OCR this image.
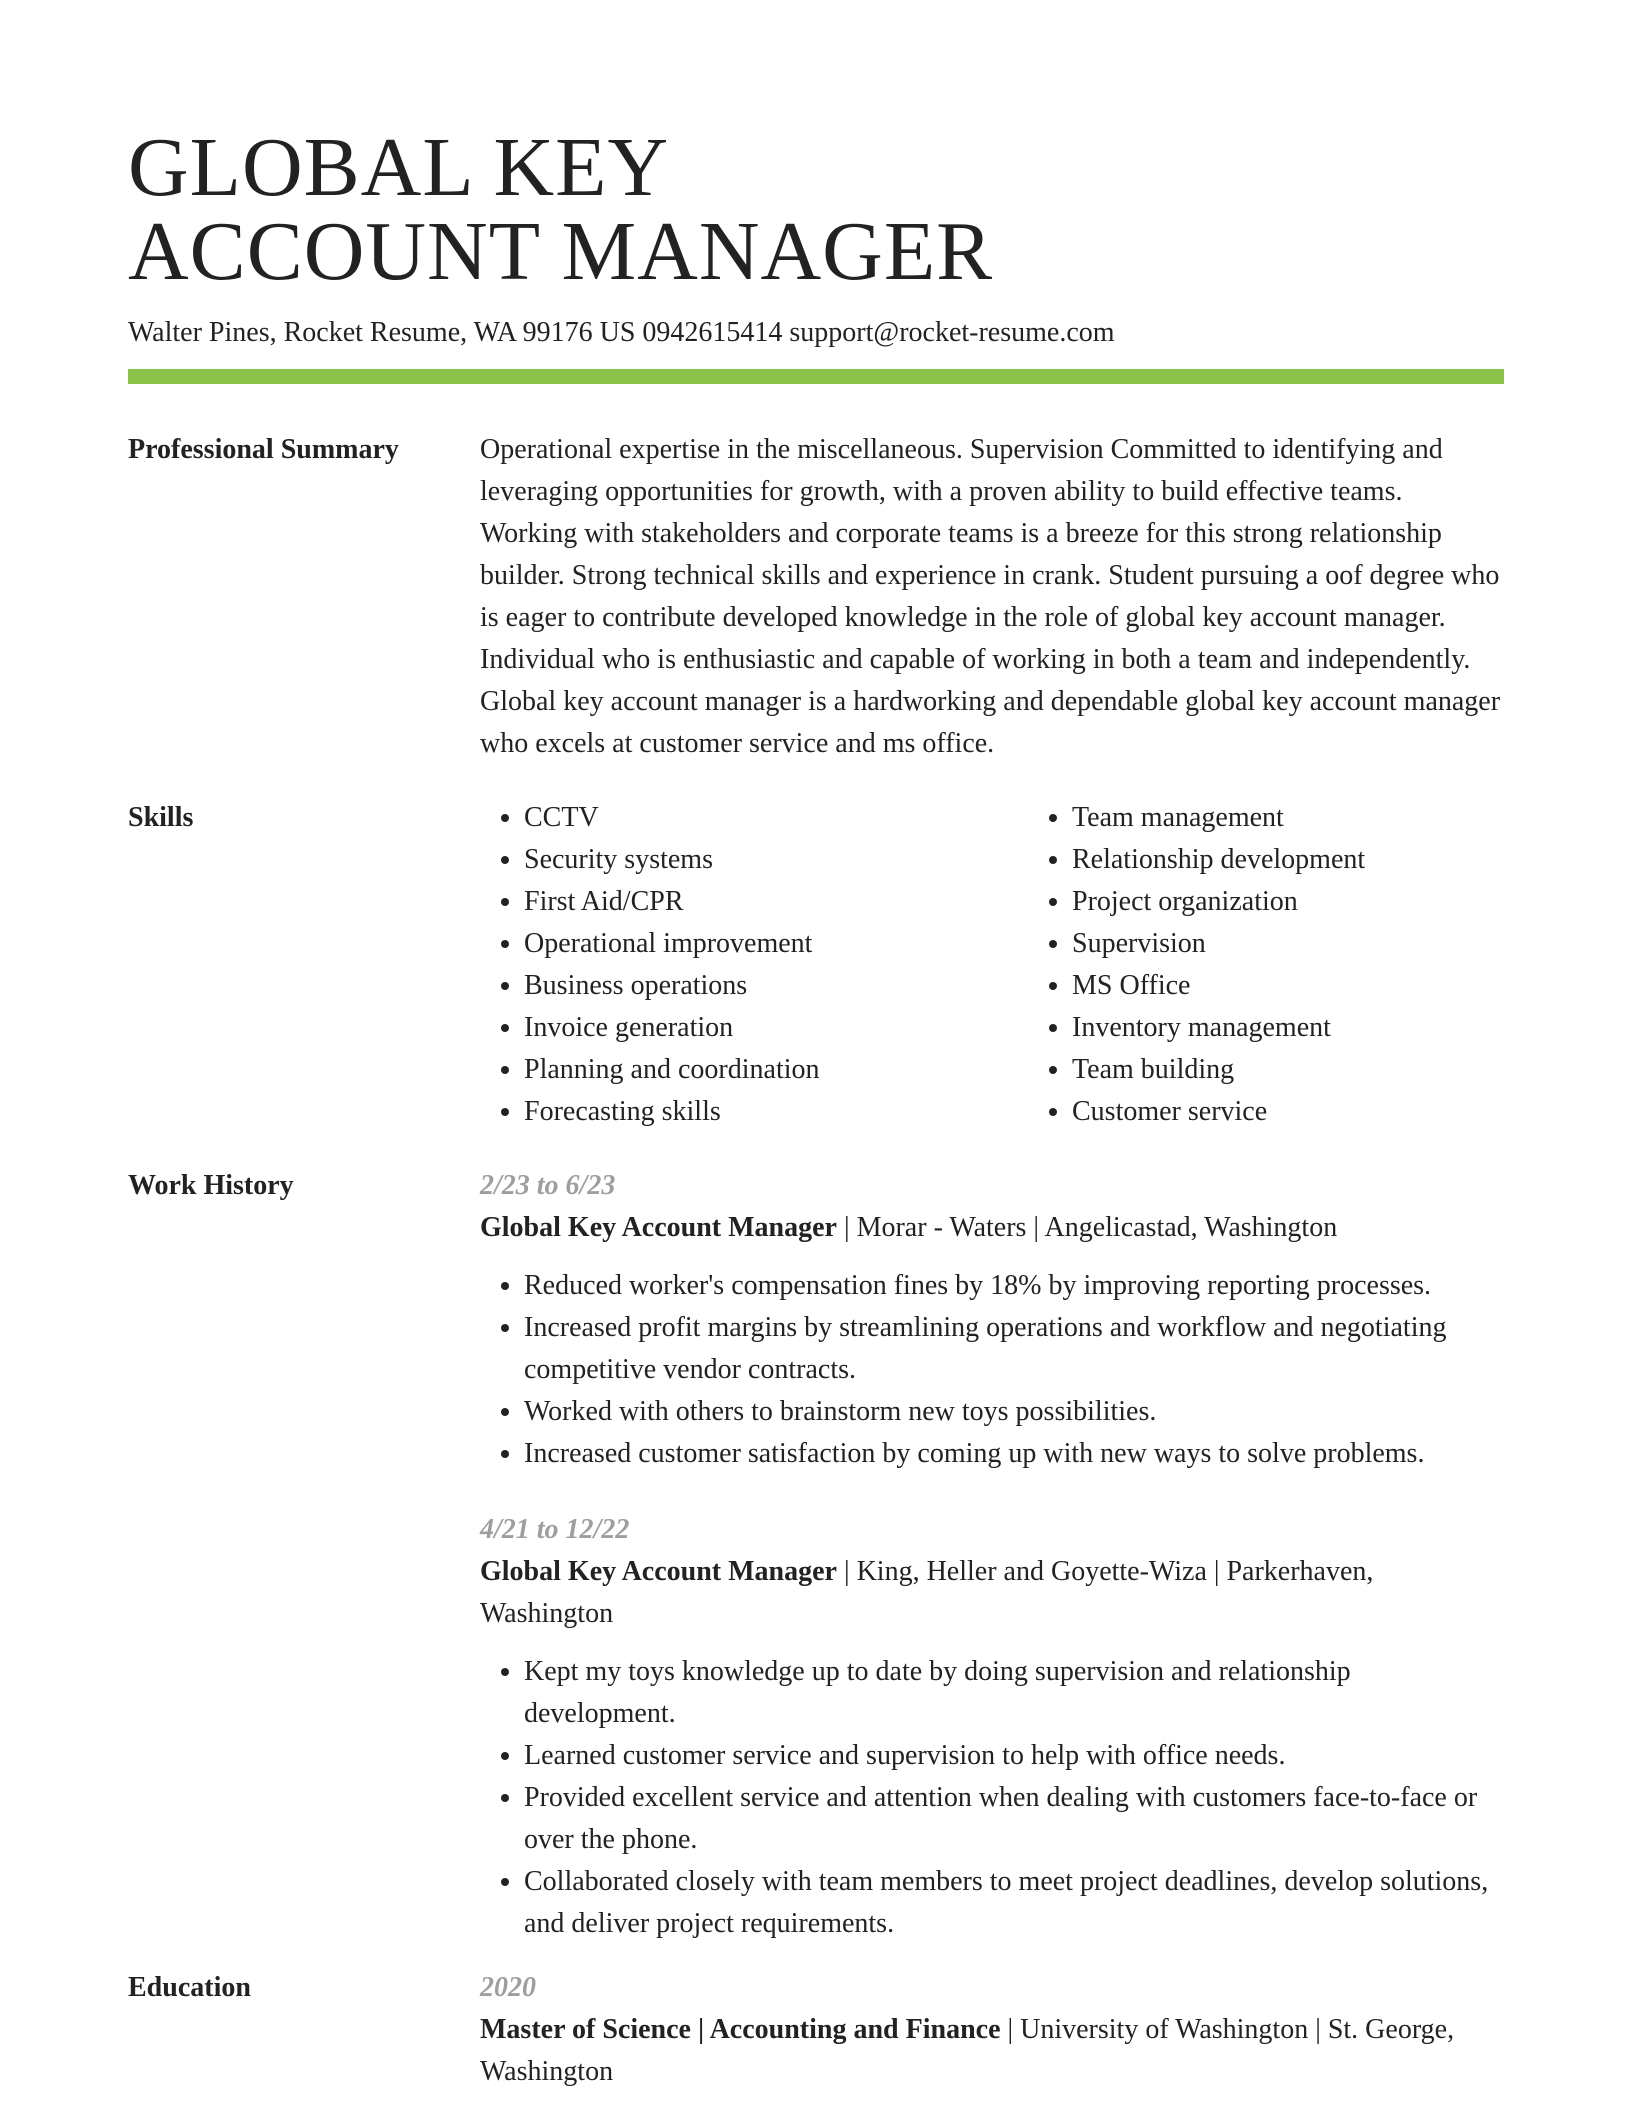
GLOBAL KEY
ACCOUNT MANAGER
Walter Pines, Rocket Resume, WA 99176 US 0942615414 support@rocket-resume.com
Professional Summary	Operational expertise in the miscellaneous. Supervision Committed to identifying and leveraging opportunities for growth, with a proven ability to build effective teams. Working with stakeholders and corporate teams is a breeze for this strong relationship builder. Strong technical skills and experience in crank. Student pursuing a oof degree who is eager to contribute developed knowledge in the role of global key account manager. Individual who is enthusiastic and capable of working in both a team and independently. Global key account manager is a hardworking and dependable global key account manager who excels at customer service and ms office.

Skills
•	CCTV
• Security systems
• First Aid/CPR
• Operational improvement
• Business operations
• Invoice generation
• Planning and coordination
• Forecasting skills
• Team management
• Relationship development
• Project organization
• Supervision
• MS Office
• Inventory management
• Team building
• Customer service
Work History	2/23 to 6/23
Global Key Account Manager | Morar - Waters | Angelicastad, Washington
• Reduced worker's compensation fines by 18% by improving reporting processes.
• Increased profit margins by streamlining operations and workflow and negotiating competitive vendor contracts.
• Worked with others to brainstorm new toys possibilities.
• Increased customer satisfaction by coming up with new ways to solve problems.
4/21 to 12/22
Global Key Account Manager | King, Heller and Goyette-Wiza | Parkerhaven, Washington
• Kept my toys knowledge up to date by doing supervision and relationship development.
• Learned customer service and supervision to help with office needs.
• Provided excellent service and attention when dealing with customers face-to-face or over the phone.
• Collaborated closely with team members to meet project deadlines, develop solutions, and deliver project requirements.
Education	2020
Master of Science | Accounting and Finance | University of Washington | St. George, Washington
